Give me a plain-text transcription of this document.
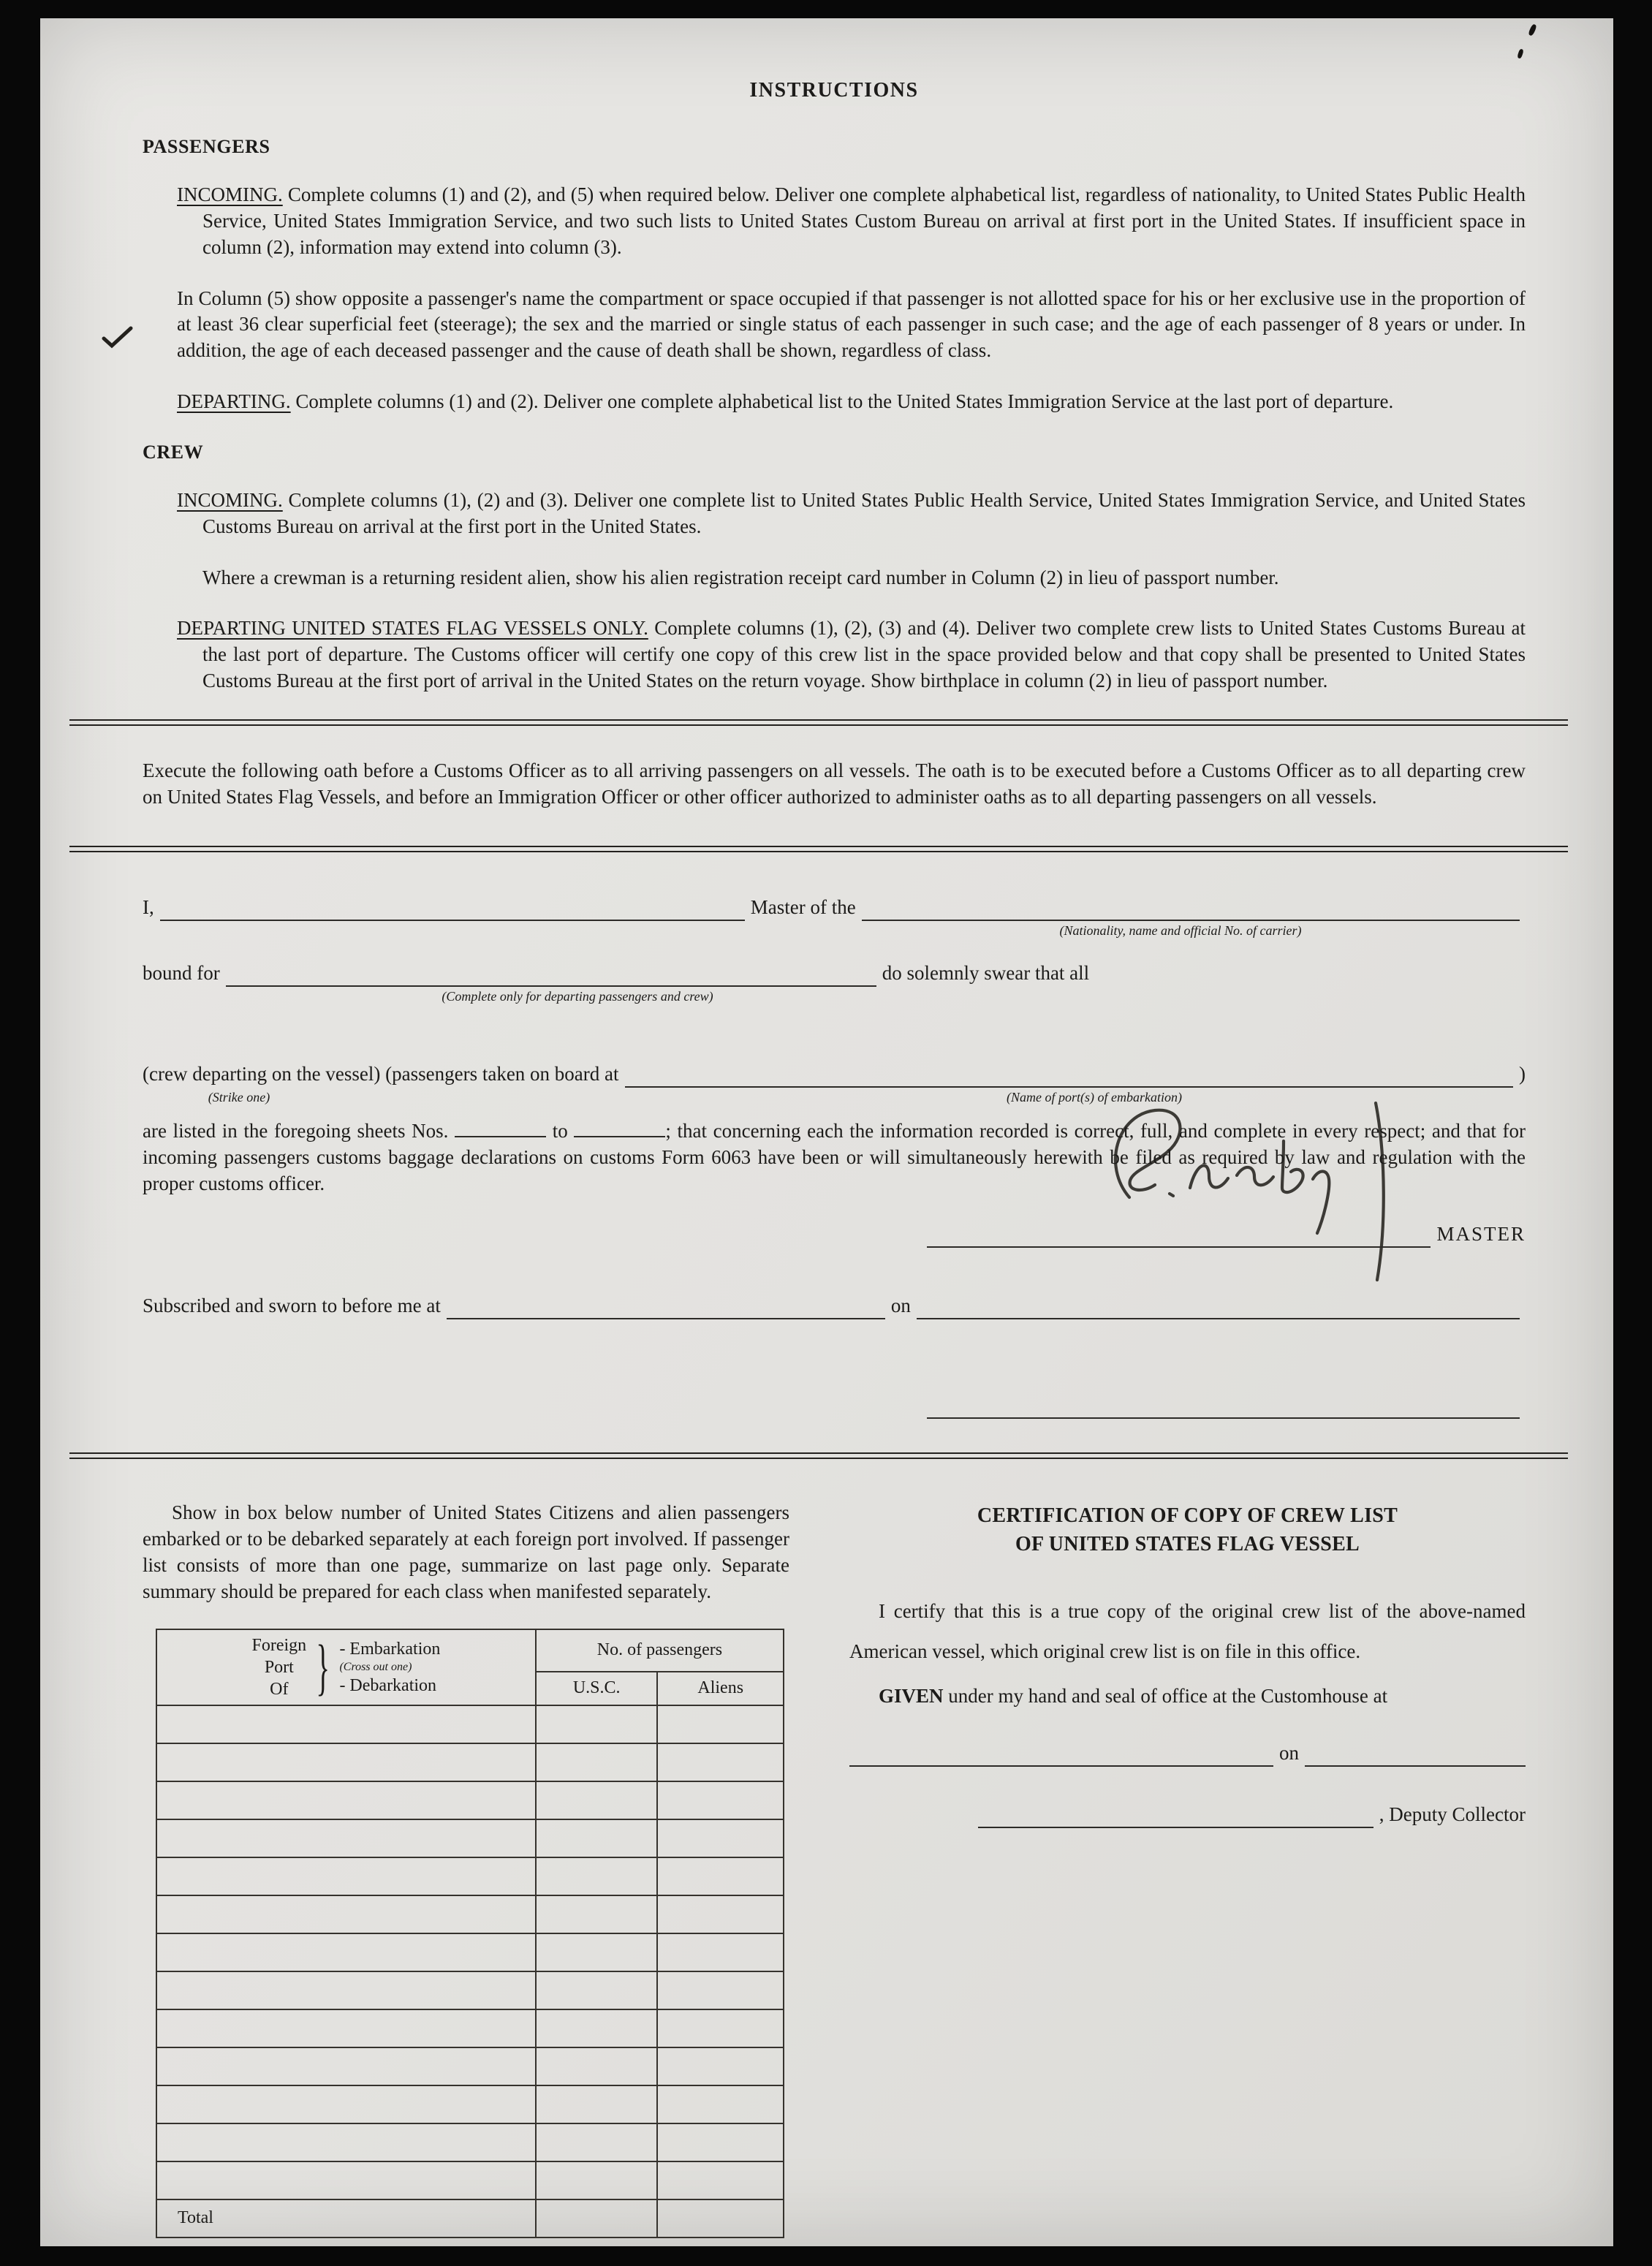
INSTRUCTIONS
PASSENGERS

INCOMING. Complete columns (1) and (2), and (5) when required below. Deliver one complete alphabetical list, regardless of nationality, to United States Public Health Service, United States Immigration Service, and two such lists to United States Custom Bureau on arrival at first port in the United States. If insufficient space in column (2), information may extend into column (3).

In Column (5) show opposite a passenger's name the compartment or space occupied if that passenger is not allotted space for his or her exclusive use in the proportion of at least 36 clear superficial feet (steerage); the sex and the married or single status of each passenger in such case; and the age of each passenger of 8 years or under. In addition, the age of each deceased passenger and the cause of death shall be shown, regardless of class.

DEPARTING. Complete columns (1) and (2). Deliver one complete alphabetical list to the United States Immigration Service at the last port of departure.

CREW

INCOMING. Complete columns (1), (2) and (3). Deliver one complete list to United States Public Health Service, United States Immigration Service, and United States Customs Bureau on arrival at the first port in the United States.

Where a crewman is a returning resident alien, show his alien registration receipt card number in Column (2) in lieu of passport number.

DEPARTING UNITED STATES FLAG VESSELS ONLY. Complete columns (1), (2), (3) and (4). Deliver two complete crew lists to United States Customs Bureau at the last port of departure. The Customs officer will certify one copy of this crew list in the space provided below and that copy shall be presented to United States Customs Bureau at the first port of arrival in the United States on the return voyage. Show birthplace in column (2) in lieu of passport number.

Execute the following oath before a Customs Officer as to all arriving passengers on all vessels. The oath is to be executed before a Customs Officer as to all departing crew on United States Flag Vessels, and before an Immigration Officer or other officer authorized to administer oaths as to all departing passengers on all vessels.

I,	Master of the
(Nationality, name and official No. of carrier)
bound for	do solemnly swear that all
(Complete only for departing passengers and crew)
(crew departing on the vessel) (passengers taken on board at	)
(Strike one)	(Name of port(s) of embarkation)

are listed in the foregoing sheets Nos.	to	; that concerning each the information recorded is correct, full, and complete in every respect; and that for incoming passengers customs baggage declarations on customs Form 6063 have been or will simultaneously herewith be filed as required by law and regulation with the proper customs officer.

MASTER
Subscribed and sworn to before me at	on

Show in box below number of United States Citizens and alien passengers embarked or to be debarked separately at each foreign port involved. If passenger list consists of more than one page, summarize on last page only. Separate summary should be prepared for each class when manifested separately.

Foreign
Port
Of } - Embarkation
(Cross out one)
- Debarkation
	No. of passengers
	U.S.C.	Aliens

Total		
CERTIFICATION OF COPY OF CREW LIST
OF UNITED STATES FLAG VESSEL

I certify that this is a true copy of the original crew list of the above-named American vessel, which original crew list is on file in this office.

GIVEN under my hand and seal of office at the Customhouse at

on
, Deputy Collector
